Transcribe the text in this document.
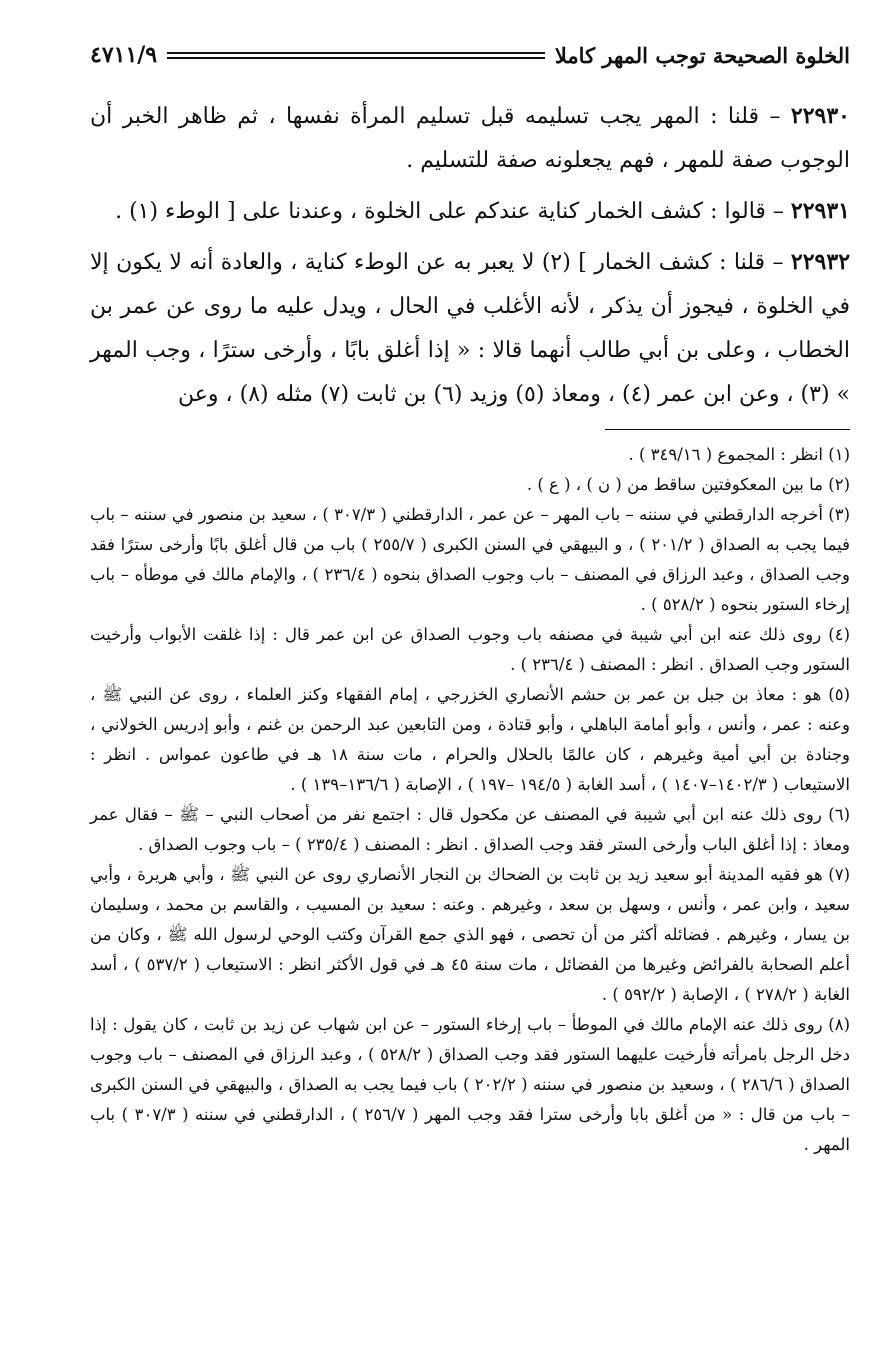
الخلوة الصحيحة توجب المهر كاملا
٤٧١١/٩

٢٢٩٣٠ – قلنا : المهر يجب تسليمه قبل تسليم المرأة نفسها ، ثم ظاهر الخبر أن الوجوب صفة للمهر ، فهم يجعلونه صفة للتسليم .

٢٢٩٣١ – قالوا : كشف الخمار كناية عندكم على الخلوة ، وعندنا على [ الوطء (١) .

٢٢٩٣٢ – قلنا : كشف الخمار ] (٢) لا يعبر به عن الوطء كناية ، والعادة أنه لا يكون إلا في الخلوة ، فيجوز أن يذكر ، لأنه الأغلب في الحال ، ويدل عليه ما روى عن عمر بن الخطاب ، وعلى بن أبي طالب أنهما قالا : « إذا أغلق بابًا ، وأرخى سترًا ، وجب المهر » (٣) ، وعن ابن عمر (٤) ، ومعاذ (٥) وزيد (٦) بن ثابت (٧) مثله (٨) ، وعن

(١) انظر : المجموع ( ٣٤٩/١٦ ) .

(٢) ما بين المعكوفتين ساقط من ( ن ) ، ( ع ) .

(٣) أخرجه الدارقطني في سننه – باب المهر – عن عمر ، الدارقطني ( ٣٠٧/٣ ) ، سعيد بن منصور في سننه – باب فيما يجب به الصداق ( ٢٠١/٢ ) ، و البيهقي في السنن الكبرى ( ٢٥٥/٧ ) باب من قال أغلق بابًا وأرخى سترًا فقد وجب الصداق ، وعبد الرزاق في المصنف – باب وجوب الصداق بنحوه ( ٢٣٦/٤ ) ، والإمام مالك في موطأه – باب إرخاء الستور بنحوه ( ٥٢٨/٢ ) .

(٤) روى ذلك عنه ابن أبي شيبة في مصنفه باب وجوب الصداق عن ابن عمر قال : إذا غلقت الأبواب وأرخيت الستور وجب الصداق . انظر : المصنف ( ٢٣٦/٤ ) .

(٥) هو : معاذ بن جبل بن عمر بن حشم الأنصاري الخزرجي ، إمام الفقهاء وكنز العلماء ، روى عن النبي ﷺ ، وعنه : عمر ، وأنس ، وأبو أمامة الباهلي ، وأبو قتادة ، ومن التابعين عبد الرحمن بن غنم ، وأبو إدريس الخولاني ، وجنادة بن أبي أمية وغيرهم ، كان عالمًا بالحلال والحرام ، مات سنة ١٨ هـ في طاعون عمواس . انظر : الاستيعاب ( ١٤٠٢/٣–١٤٠٧ ) ، أسد الغابة ( ١٩٤/٥ –١٩٧ ) ، الإصابة ( ١٣٦/٦–١٣٩ ) .

(٦) روى ذلك عنه ابن أبي شيبة في المصنف عن مكحول قال : اجتمع نفر من أصحاب النبي – ﷺ – فقال عمر ومعاذ : إذا أغلق الباب وأرخى الستر فقد وجب الصداق . انظر : المصنف ( ٢٣٥/٤ ) – باب وجوب الصداق .

(٧) هو فقيه المدينة أبو سعيد زيد بن ثابت بن الضحاك بن النجار الأنصاري روى عن النبي ﷺ ، وأبي هريرة ، وأبي سعيد ، وابن عمر ، وأنس ، وسهل بن سعد ، وغيرهم . وعنه : سعيد بن المسيب ، والقاسم بن محمد ، وسليمان بن يسار ، وغيرهم . فضائله أكثر من أن تحصى ، فهو الذي جمع القرآن وكتب الوحي لرسول الله ﷺ ، وكان من أعلم الصحابة بالفرائض وغيرها من الفضائل ، مات سنة ٤٥ هـ في قول الأكثر انظر : الاستيعاب ( ٥٣٧/٢ ) ، أسد الغابة ( ٢٧٨/٢ ) ، الإصابة ( ٥٩٢/٢ ) .

(٨) روى ذلك عنه الإمام مالك في الموطأ – باب إرخاء الستور – عن ابن شهاب عن زيد بن ثابت ، كان يقول : إذا دخل الرجل بامرأته فأرخيت عليهما الستور فقد وجب الصداق ( ٥٢٨/٢ ) ، وعبد الرزاق في المصنف – باب وجوب الصداق ( ٢٨٦/٦ ) ، وسعيد بن منصور في سننه ( ٢٠٢/٢ ) باب فيما يجب به الصداق ، والبيهقي في السنن الكبرى – باب من قال : « من أغلق بابا وأرخى سترا فقد وجب المهر ( ٢٥٦/٧ ) ، الدارقطني في سننه ( ٣٠٧/٣ ) باب المهر .
